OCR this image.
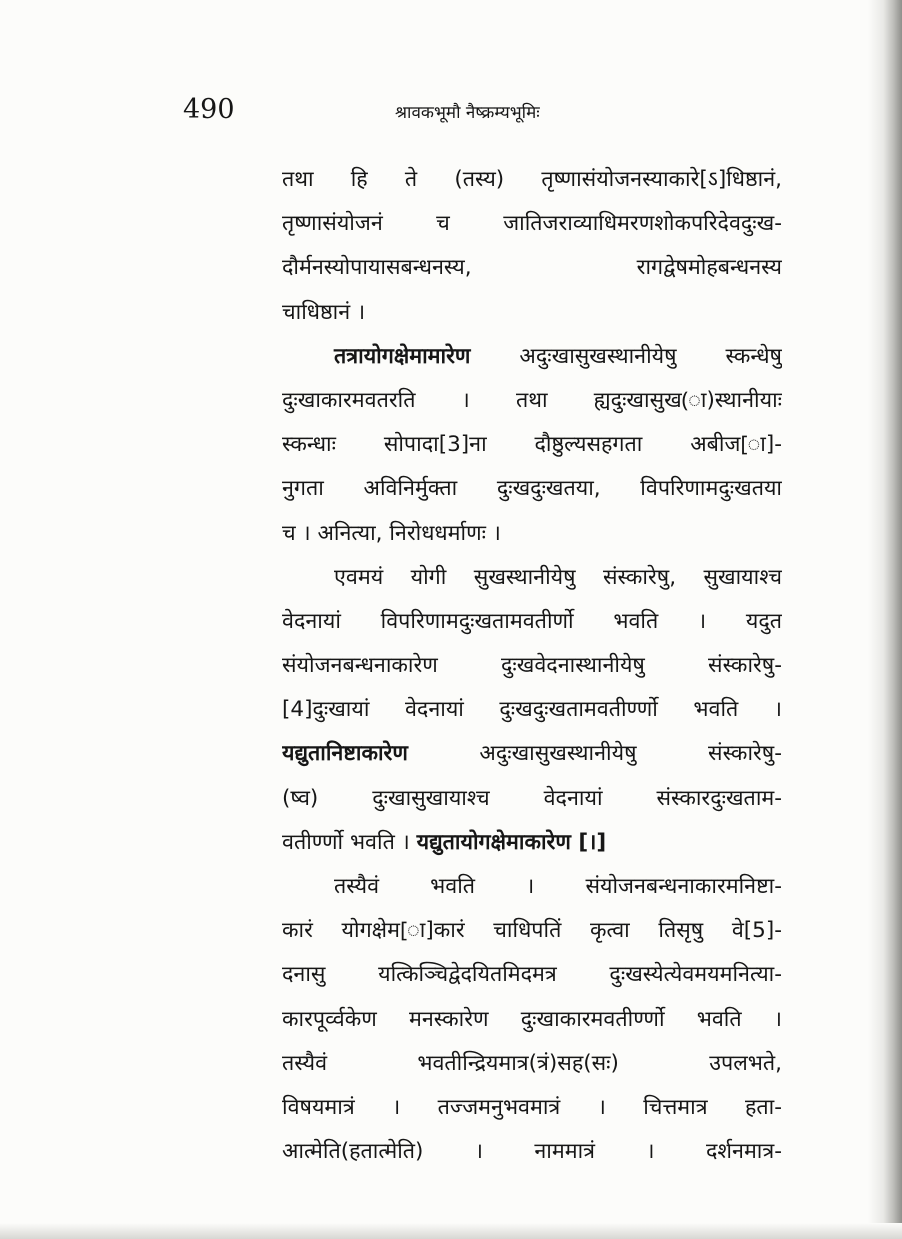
490	श्रावकभूमौ नैष्क्रम्यभूमिः
तथा हि ते (तस्य) तृष्णासंयोजनस्याकारे[ऽ]धिष्ठानं,
तृष्णासंयोजनं च जातिजराव्याधिमरणशोकपरिदेवदुःख-
दौर्मनस्योपायासबन्धनस्य, रागद्वेषमोहबन्धनस्य
चाधिष्ठानं ।
तत्रायोगक्षेमामारेण अदुःखासुखस्थानीयेषु स्कन्धेषु
दुःखाकारमवतरति । तथा ह्यदुःखासुख(ा)स्थानीयाः
स्कन्धाः सोपादा[3]ना दौष्ठुल्यसहगता अबीज[ा]-
नुगता अविनिर्मुक्ता दुःखदुःखतया, विपरिणामदुःखतया
च । अनित्या, निरोधधर्माणः ।
एवमयं योगी सुखस्थानीयेषु संस्कारेषु, सुखायाश्च
वेदनायां विपरिणामदुःखतामवतीर्णो भवति । यदुत
संयोजनबन्धनाकारेण दुःखवेदनास्थानीयेषु संस्कारेषु-
[4]दुःखायां वेदनायां दुःखदुःखतामवतीर्ण्णो भवति ।
यद्युतानिष्टाकारेण अदुःखासुखस्थानीयेषु संस्कारेषु-
(ष्व) दुःखासुखायाश्च वेदनायां संस्कारदुःखताम-
वतीर्ण्णो भवति । यद्युतायोगक्षेमाकारेण [।]
तस्यैवं भवति । संयोजनबन्धनाकारमनिष्टा-
कारं योगक्षेम[ा]कारं चाधिपतिं कृत्वा तिसृषु वे[5]-
दनासु यत्किञ्चिद्वेदयितमिदमत्र दुःखस्येत्येवमयमनित्या-
कारपूर्व्वकेण मनस्कारेण दुःखाकारमवतीर्ण्णो भवति ।
तस्यैवं भवतीन्द्रियमात्र(त्रं)सह(सः) उपलभते,
विषयमात्रं । तज्जमनुभवमात्रं । चित्तमात्र हता-
आत्मेति(हतात्मेति) । नाममात्रं । दर्शनमात्र-
